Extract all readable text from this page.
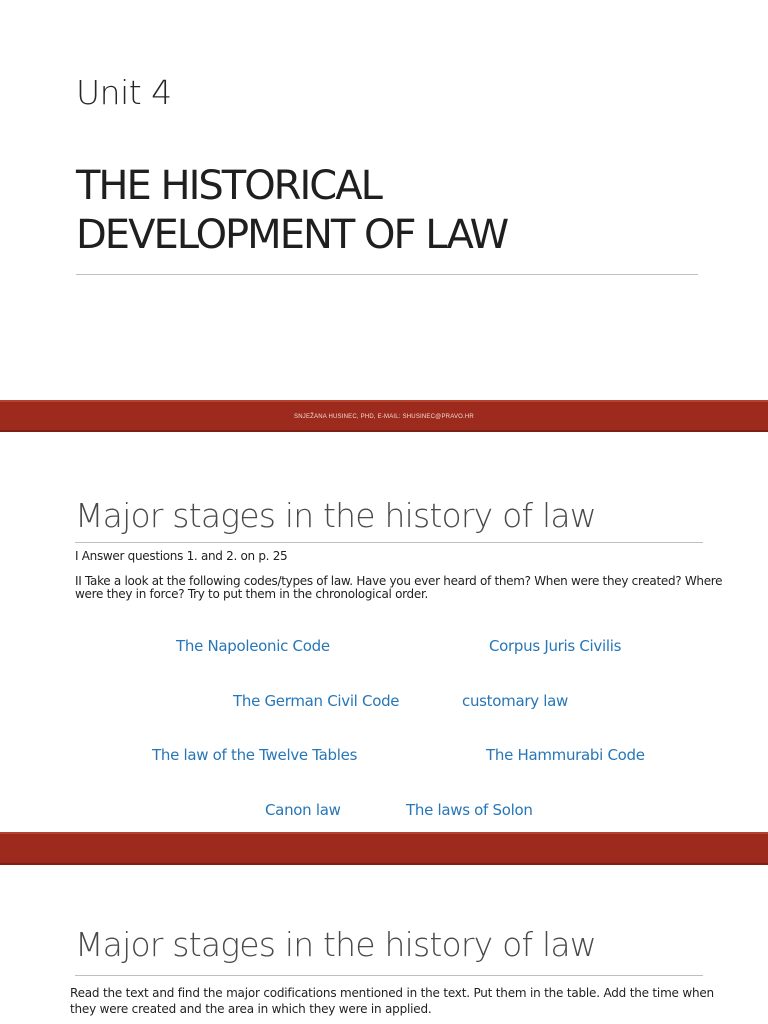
Unit 4
THE HISTORICAL
DEVELOPMENT OF LAW
SNJEŽANA HUSINEC, PHD, E-MAIL: SHUSINEC@PRAVO.HR
Major stages in the history of law
I Answer questions 1. and 2. on p. 25
II Take a look at the following codes/types of law. Have you ever heard of them? When were they created? Where were they in force? Try to put them in the chronological order.
The Napoleonic Code	Corpus Juris Civilis
The German Civil Code	customary law
The law of the Twelve Tables	The Hammurabi Code
Canon law	The laws of Solon
Major stages in the history of law
Read the text and find the major codifications mentioned in the text. Put them in the table. Add the time when they were created and the area in which they were in applied.
